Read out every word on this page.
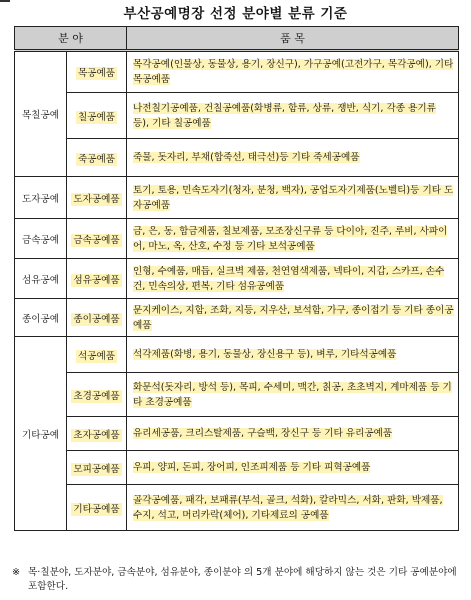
부산공예명장 선정 분야별 분류 기준
분 야		품 목
목칠공예	목공예품	목각공예(인물상, 동물상, 용기, 장신구), 가구공예(고전가구, 목각공예), 기타 목공예품
	칠공예품	나전칠기공예품, 건칠공예품(화병류, 함류, 상류, 쟁반, 식기, 각종 용기류 등), 기타 칠공예품
	죽공예품	죽물, 돗자리, 부채(합죽선, 태극선)등 기타 죽세공예품
도자공예	도자공예품	토기, 토용, 민속도자기(청자, 분청, 백자), 공업도자기제품(노벨티)등 기타 도자공예품
금속공예	금속공예품	금, 은, 동, 합금제품, 칠보제품, 모조장신구류 등 다이아, 진주, 루비, 사파이어, 마노, 옥, 산호, 수정 등 기타 보석공예품
섬유공예	섬유공예품	인형, 수예품, 매듭, 실크벽 제품, 천연염색제품, 넥타이, 지갑, 스카프, 손수건, 민속의상, 편복, 기타 섬유공예품
종이공예	종이공예품	문지케이스, 지함, 조화, 지등, 지우산, 보석함, 가구, 종이접기 등 기타 종이공예품
기타공예	석공예품	석각제품(화병, 용기, 동물상, 장신용구 등), 벼루, 기타석공예품
	초경공예품	화문석(돗자리, 방석 등), 목피, 수세미, 맥간, 칡공, 초초벽지, 계마제품 등 기타 초경공예품
	초자공예품	유리세공품, 크리스탈제품, 구슬백, 장신구 등 기타 유리공예품
	모피공예품	우피, 양피, 돈피, 장어피, 인조피제품 등 기타 피혁공예품
	기타공예품	골각공예품, 패각, 보패류(부석, 골크, 석화), 칼라믹스, 서화, 판화, 박제품, 수지, 석고, 머리카락(체어), 기타제료의 공예품
※ 목·칠분야, 도자분야, 금속분야, 섬유분야, 종이분야 의 5개 분야에 해당하지 않는 것은 기타 공예분야에 포함한다.
